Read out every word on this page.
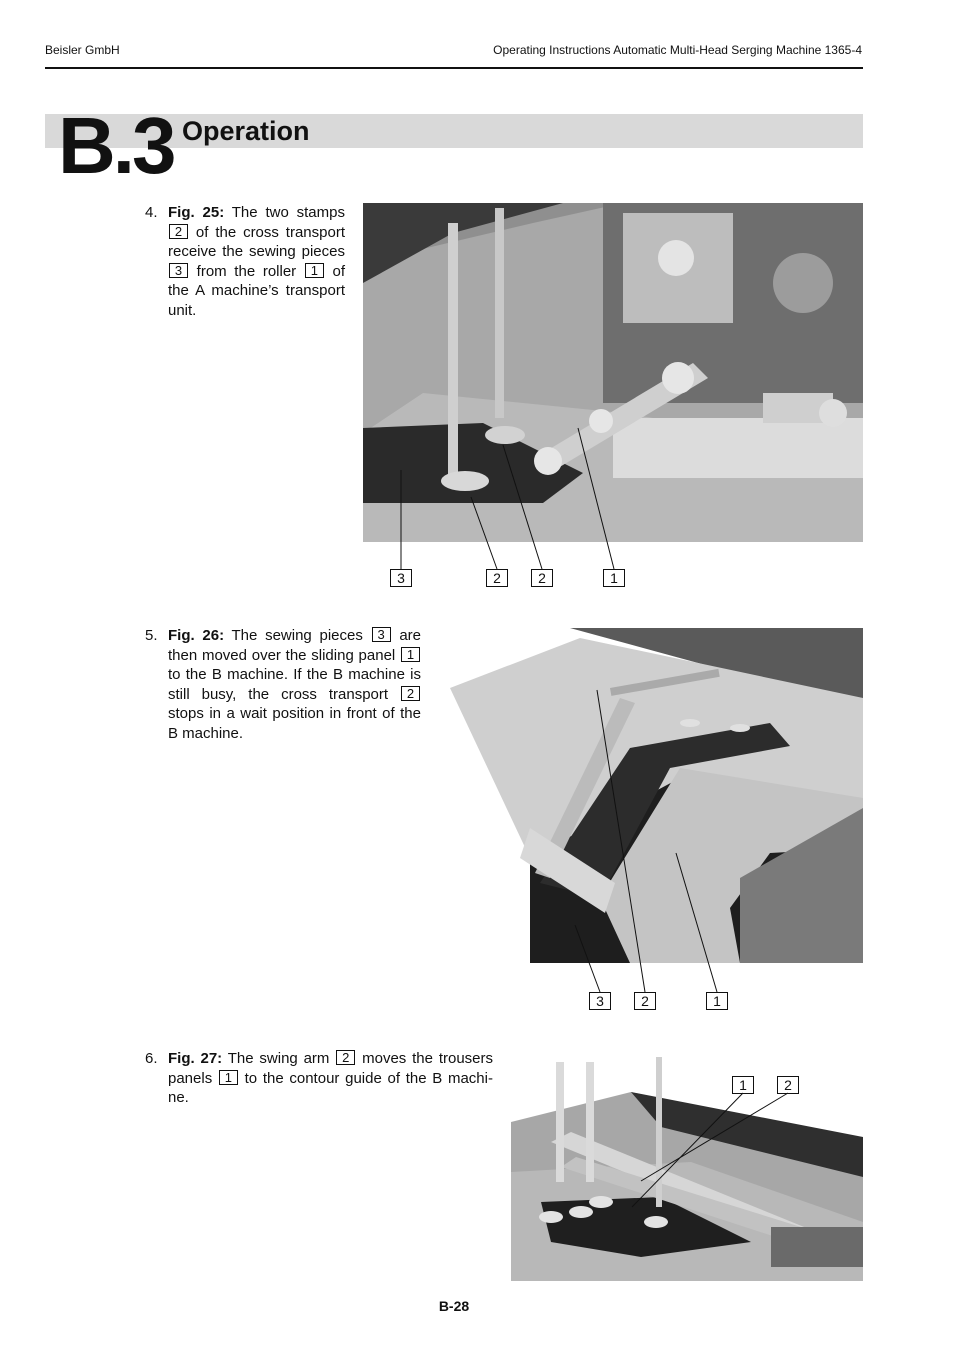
Beisler GmbH	Operating Instructions Automatic Multi-Head Serging Machine 1365-4
B.3 Operation
4. Fig. 25: The two stamps 2 of the cross transport receive the sewing pieces 3 from the roller 1 of the A machine’s transport unit.
3	2	2	1
5. Fig. 26: The sewing pieces 3 are then moved over the sliding panel 1 to the B machine. If the B machine is still busy, the cross transport 2 stops in a wait position in front of the B machine.
3	2	1
6. Fig. 27: The swing arm 2 moves the trousers panels 1 to the contour guide of the B machi-ne.
1	2
B-28
